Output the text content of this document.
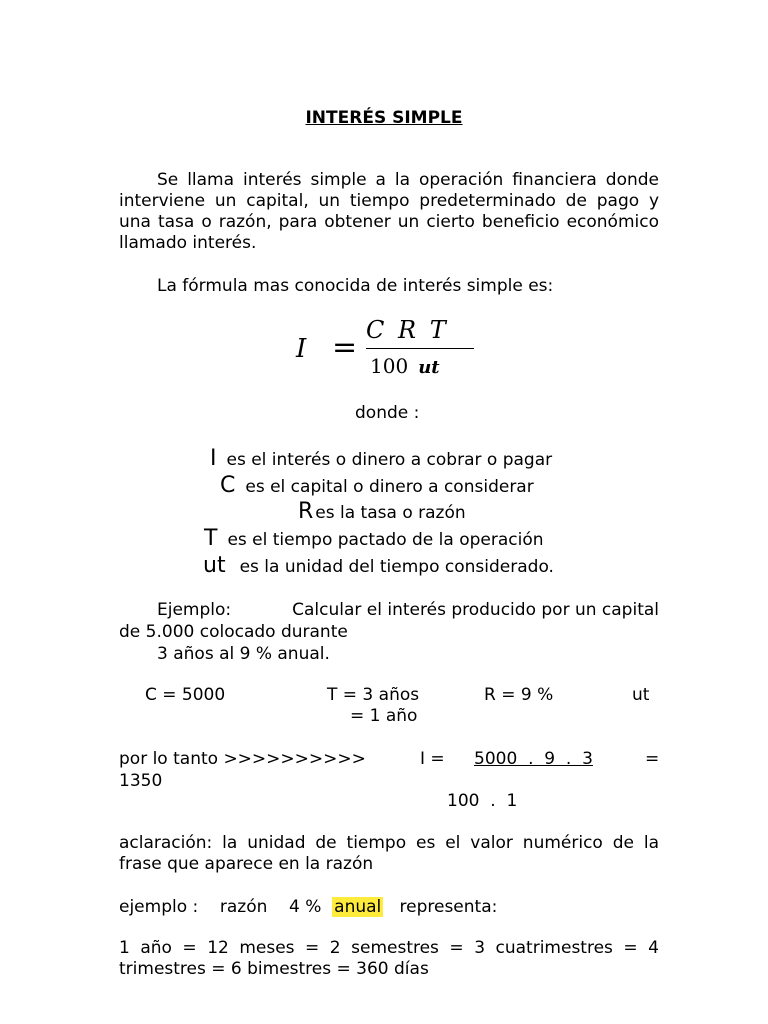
INTERÉS SIMPLE
Se llama interés simple a la operación financiera donde interviene un capital, un tiempo predeterminado de pago y una tasa o razón, para obtener un cierto beneficio económico llamado interés.
La fórmula mas conocida de interés simple es:
I = C R T
100 ut
donde :
I es el interés o dinero a cobrar o pagar
C es el capital o dinero a considerar
R es la tasa o razón
T es el tiempo pactado de la operación
ut es la unidad del tiempo considerado.
Ejemplo:	Calcular el interés producido por un capital
de 5.000 colocado durante
3 años al 9 % anual.
C = 5000	T = 3 años	R = 9 %	ut
= 1 año
por lo tanto >>>>>>>>>>	I = 5000  .  9  .  3	=
1350
100  .  1
aclaración: la unidad de tiempo es el valor numérico de la frase que aparece en la razón
ejemplo :    razón    4 % anual representa:
1 año = 12 meses = 2 semestres = 3 cuatrimestres = 4 trimestres = 6 bimestres = 360 días
